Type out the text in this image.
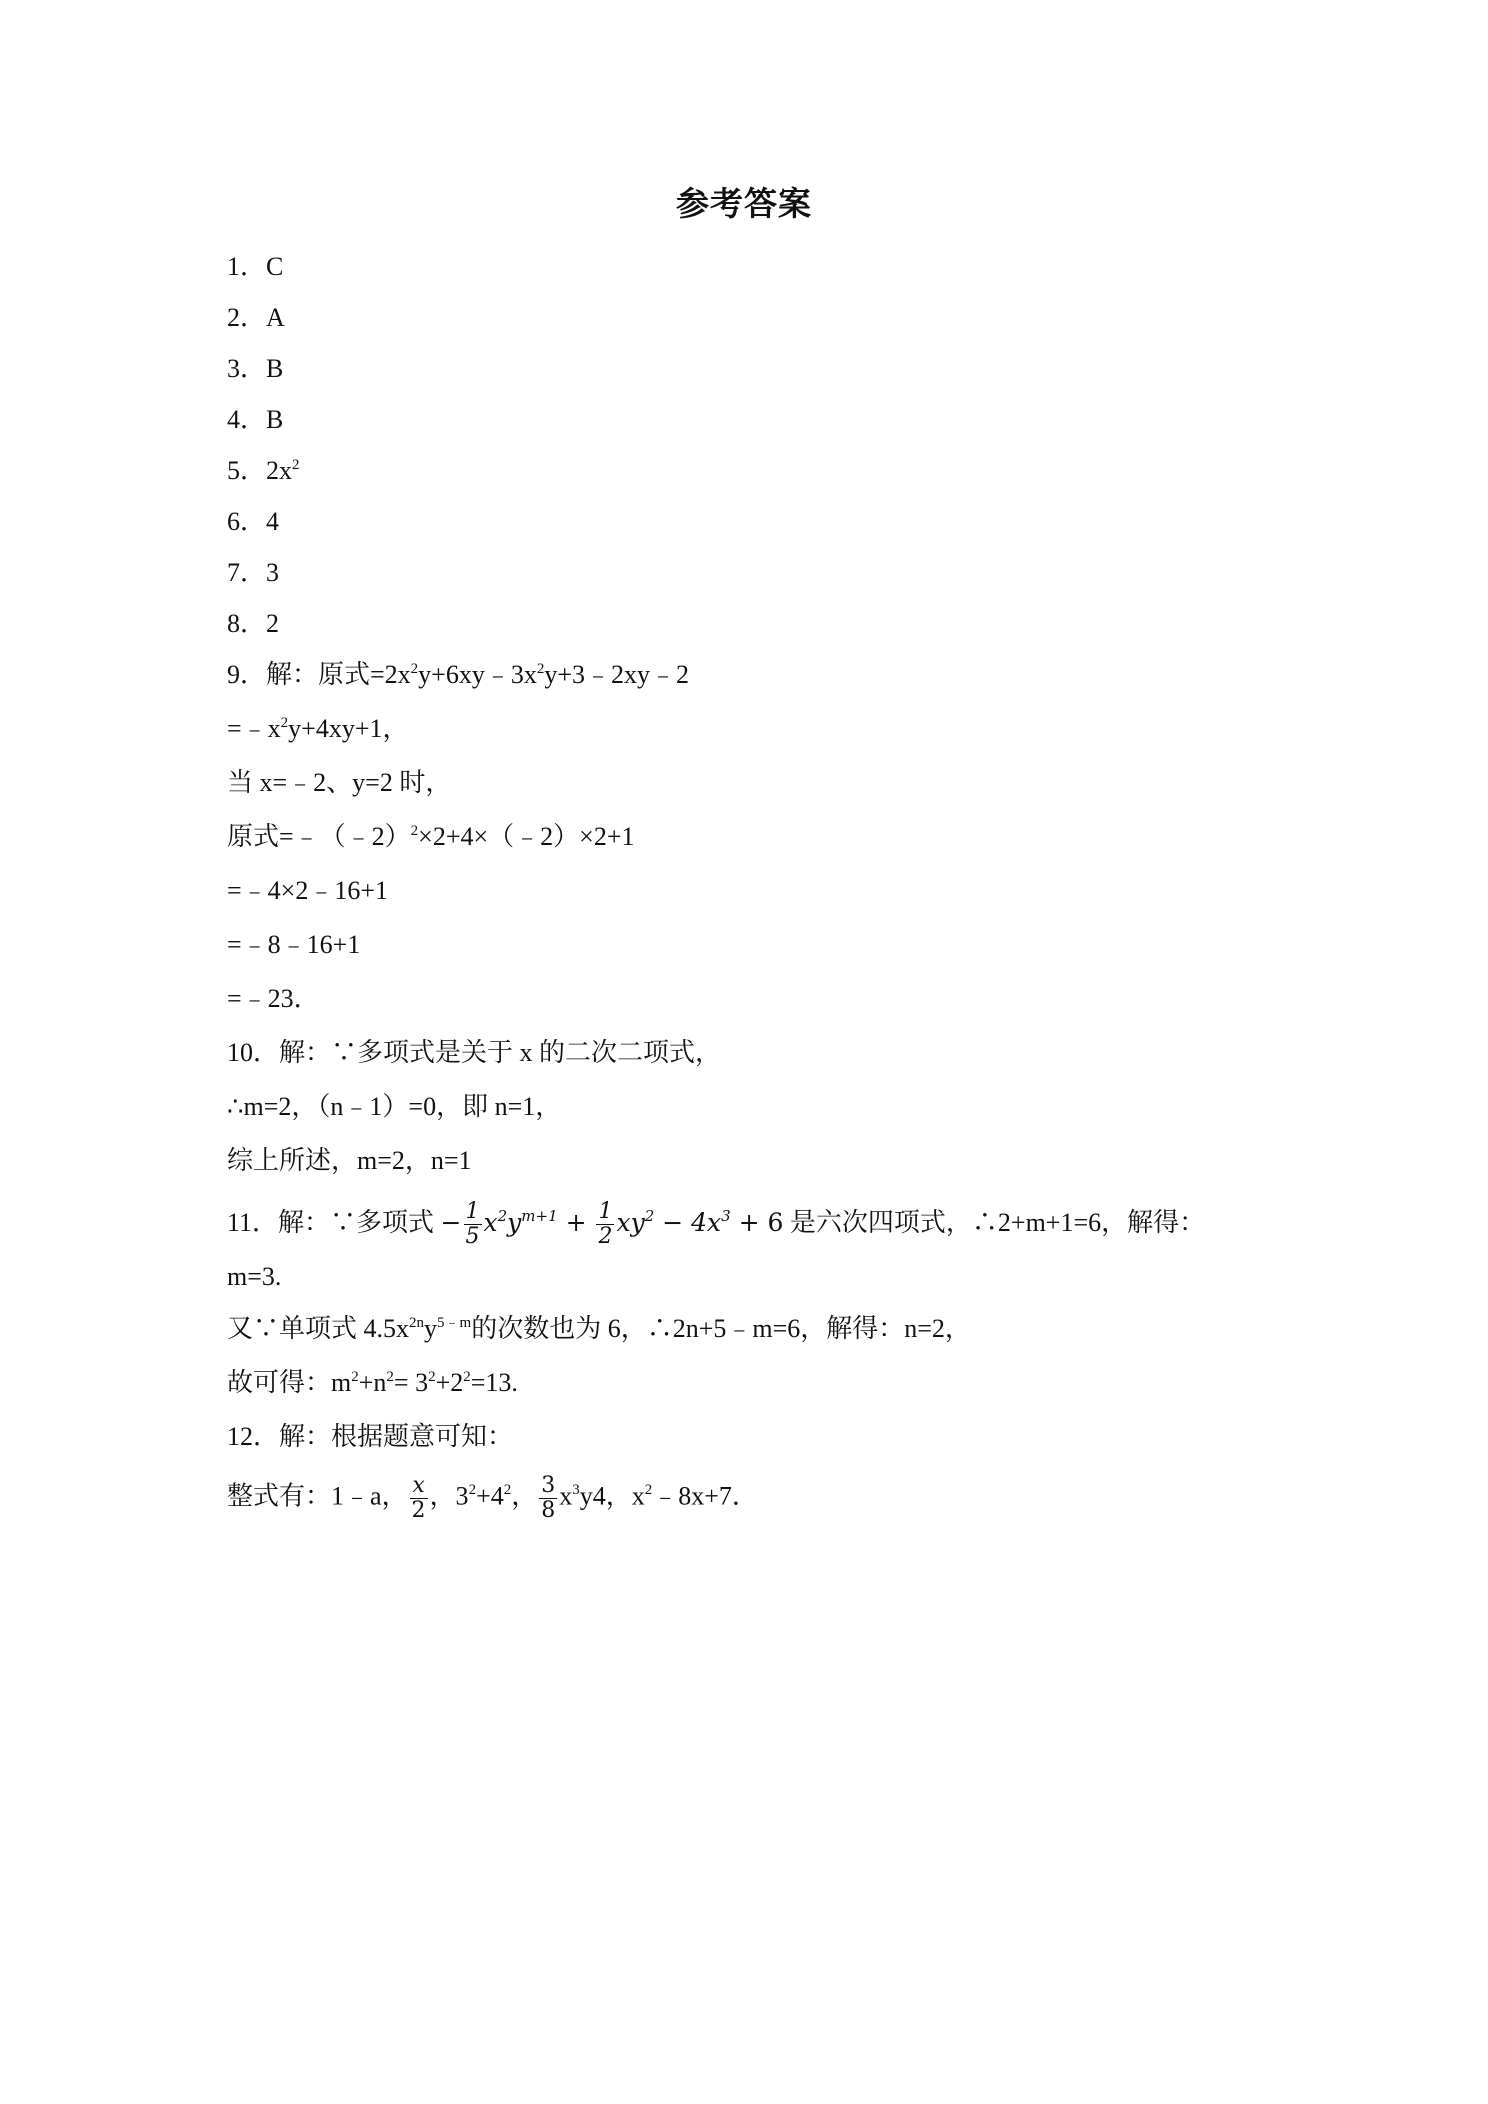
参考答案
1．C
2．A
3．B
4．B
5．$2x^2$
6．4
7．3
8．2
9．解：原式$=2x^2y+6xy﹣3x^2y+3﹣2xy﹣2$
$=﹣x^2y+4xy+1$，
当 x=﹣2、y=2 时，
原式=﹣（﹣2）$^2$×2+4×（﹣2）×2+1
=﹣4×2﹣16+1
=﹣8﹣16+1
=﹣23．
10．解：∵多项式是关于 x 的二次二项式，
∴m=2，（n﹣1）=0，即 n=1，
综上所述，m=2，n=1
11．解：∵多项式 − $\frac{1}{5} x^2y^{m+1} + \frac{1}{2} xy^2 - 4x^3 + 6$ 是六次四项式，∴2+m+1=6，解得：
m=3.
又∵单项式 $4.5x^{2n}y^{5﹣m}$的次数也为 6，∴2n+5﹣m=6，解得：n=2，
故可得：$m^2+n^2= 3^2+2^2=13$.
12．解：根据题意可知：
整式有：1﹣a， $\frac{x}{2}$ ，$3^2+4^2$， $\frac{3}{8} x^3y4$，$x^2﹣8x+7$．
